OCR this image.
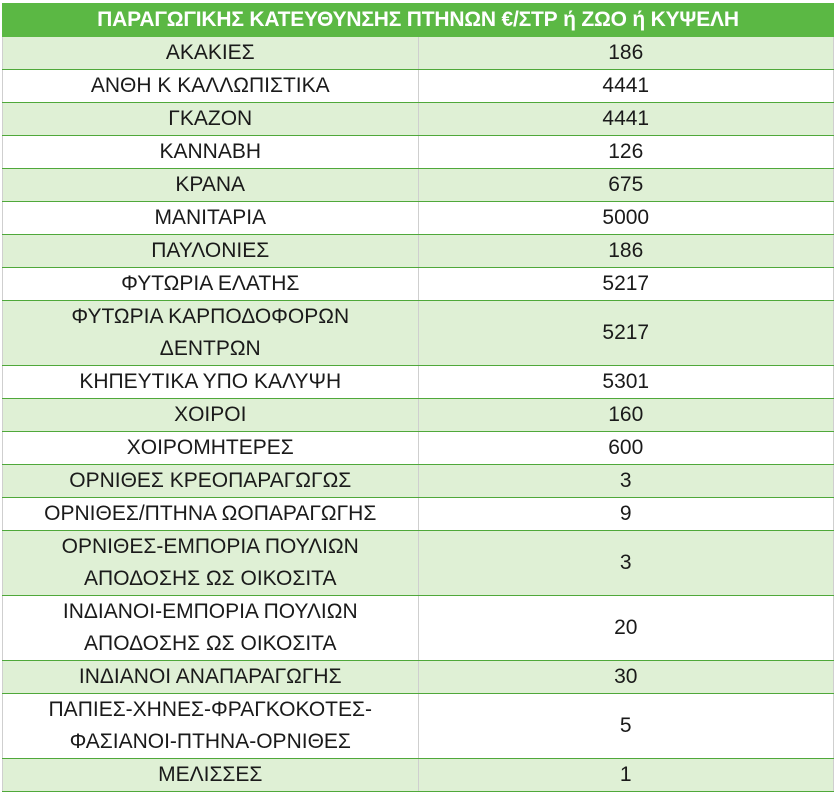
ΠΑΡΑΓΩΓΙΚΗΣ ΚΑΤΕΥΘΥΝΣΗΣ ΠΤΗΝΩΝ €/ΣΤΡ ή ΖΩΟ ή ΚΥΨΕΛΗ	
ΑΚΑΚΙΕΣ	186
ΑΝΘΗ Κ ΚΑΛΛΩΠΙΣΤΙΚΑ	4441
ΓΚΑΖΟΝ	4441
ΚΑΝΝΑΒΗ	126
ΚΡΑΝΑ	675
ΜΑΝΙΤΑΡΙΑ	5000
ΠΑΥΛΟΝΙΕΣ	186
ΦΥΤΩΡΙΑ ΕΛΑΤΗΣ	5217
ΦΥΤΩΡΙΑ ΚΑΡΠΟΔΟΦΟΡΩΝ ΔΕΝΤΡΩΝ	5217
ΚΗΠΕΥΤΙΚΑ ΥΠΟ ΚΑΛΥΨΗ	5301
ΧΟΙΡΟΙ	160
ΧΟΙΡΟΜΗΤΕΡΕΣ	600
ΟΡΝΙΘΕΣ ΚΡΕΟΠΑΡΑΓΩΓΩΣ	3
ΟΡΝΙΘΕΣ/ΠΤΗΝΑ ΩΟΠΑΡΑΓΩΓΗΣ	9
ΟΡΝΙΘΕΣ-ΕΜΠΟΡΙΑ ΠΟΥΛΙΩΝ ΑΠΟΔΟΣΗΣ ΩΣ ΟΙΚΟΣΙΤΑ	3
ΙΝΔΙΑΝΟΙ-ΕΜΠΟΡΙΑ ΠΟΥΛΙΩΝ ΑΠΟΔΟΣΗΣ ΩΣ ΟΙΚΟΣΙΤΑ	20
ΙΝΔΙΑΝΟΙ ΑΝΑΠΑΡΑΓΩΓΗΣ	30
ΠΑΠΙΕΣ-ΧΗΝΕΣ-ΦΡΑΓΚΟΚΟΤΕΣ-ΦΑΣΙΑΝΟΙ-ΠΤΗΝΑ-ΟΡΝΙΘΕΣ	5
ΜΕΛΙΣΣΕΣ	1
